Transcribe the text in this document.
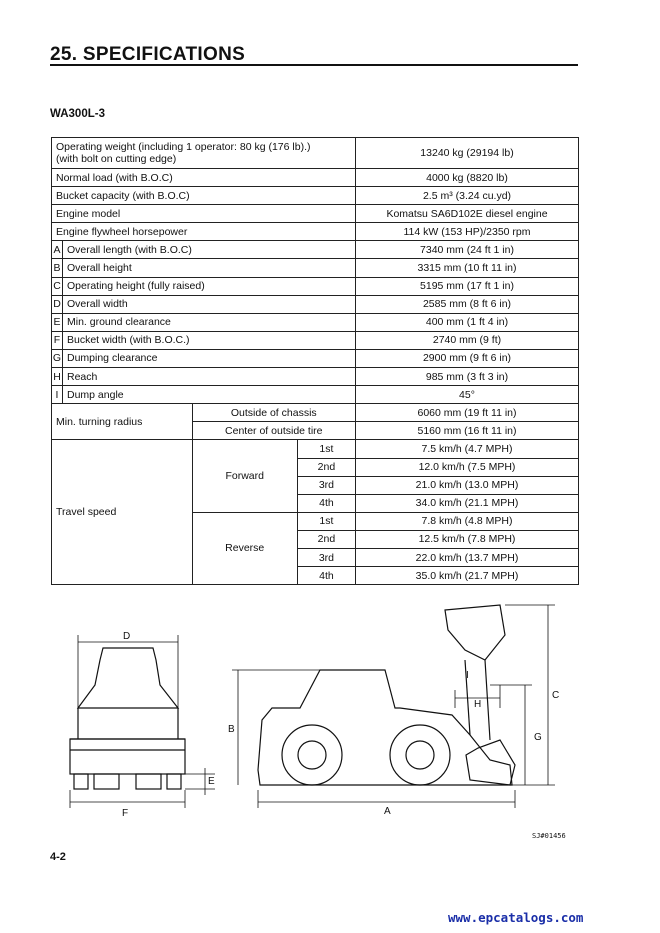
25. SPECIFICATIONS
WA300L-3
Operating weight (including 1 operator: 80 kg (176 lb).)
(with bolt on cutting edge)				13240 kg (29194 lb)
Normal load (with B.O.C)				4000 kg (8820 lb)
Bucket capacity (with B.O.C)				2.5 m³ (3.24 cu.yd)
Engine model				Komatsu SA6D102E diesel engine
Engine flywheel horsepower				114 kW (153 HP)/2350 rpm
A	Overall length (with B.O.C)			7340 mm (24 ft 1 in)
B	Overall height			3315 mm (10 ft 11 in)
C	Operating height (fully raised)			5195 mm (17 ft 1 in)
D	Overall width			2585 mm (8 ft 6 in)
E	Min. ground clearance			400 mm (1 ft 4 in)
F	Bucket width (with B.O.C.)			2740 mm (9 ft)
G	Dumping clearance			2900 mm (9 ft 6 in)
H	Reach			985 mm (3 ft 3 in)
I	Dump angle			45°
Min. turning radius		Outside of chassis		6060 mm (19 ft 11 in)
		Center of outside tire		5160 mm (16 ft 11 in)
Travel speed		Forward	1st	7.5 km/h (4.7 MPH)
			2nd	12.0 km/h (7.5 MPH)
			3rd	21.0 km/h (13.0 MPH)
			4th	34.0 km/h (21.1 MPH)
		Reverse	1st	7.8 km/h (4.8 MPH)
			2nd	12.5 km/h (7.8 MPH)
			3rd	22.0 km/h (13.7 MPH)
			4th	35.0 km/h (21.7 MPH)
D
F
E
B
A
C
G
H
I
SJ#01456
4-2
www.epcatalogs.com
